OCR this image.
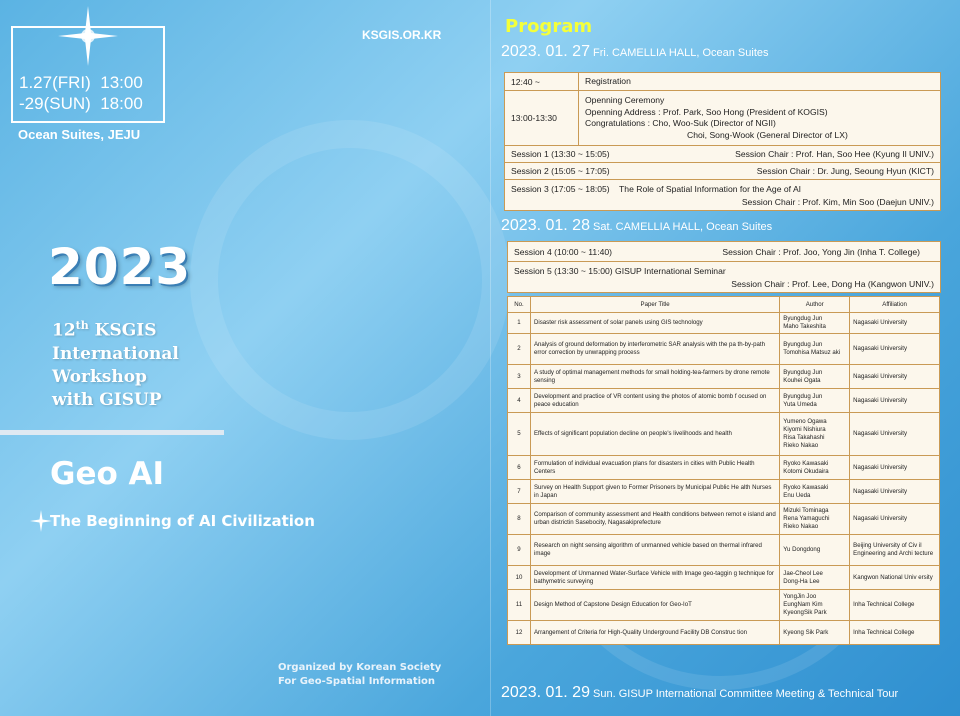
1.27(FRI)  13:00
-29(SUN)  18:00
Ocean Suites, JEJU
KSGIS.OR.KR
2023
12th KSGIS
International
Workshop
with GISUP
Geo AI
The Beginning of AI Civilization
Organized by Korean Society
For Geo-Spatial Information
Program
2023. 01. 27 Fri. CAMELLIA HALL, Ocean Suites
12:40 ~	Registration
13:00-13:30
Openning Ceremony
Openning Address : Prof. Park, Soo Hong (President of KOGIS)
Congratulations : Cho, Woo-Suk (Director of NGII)
Choi, Song-Wook (General Director of LX)
Session 1 (13:30 ~ 15:05)	Session Chair : Prof. Han, Soo Hee (Kyung Il UNIV.)
Session 2 (15:05 ~ 17:05)	Session Chair : Dr. Jung, Seoung Hyun (KICT)
Session 3 (17:05 ~ 18:05)    The Role of Spatial Information for the Age of AI
Session Chair : Prof. Kim, Min Soo (Daejun UNIV.)
2023. 01. 28 Sat. CAMELLIA HALL, Ocean Suites
Session 4 (10:00 ~ 11:40)	Session Chair : Prof. Joo, Yong Jin (Inha T. College)
Session 5 (13:30 ~ 15:00) GISUP International Seminar
Session Chair : Prof. Lee, Dong Ha (Kangwon UNIV.)
No.	Paper Title	Author	Affiliation
1	Disaster risk assessment of solar panels using GIS technology	Byungdug Jun
Maho Takeshita	Nagasaki University
2	Analysis of ground deformation by interferometric SAR analysis with the pa th-by-path error correction by unwrapping process	Byungdug Jun
Tomohisa Matsuz aki	Nagasaki University
3	A study of optimal management methods for small holding-tea-farmers by drone remote sensing	Byungdug Jun
Kouhei Ogata	Nagasaki University
4	Development and practice of VR content using the photos of atomic bomb f ocused on peace education	Byungdug Jun
Yuta Umeda	Nagasaki University
5	Effects of significant population decline on people's livelihoods and health	Yumeno Ogawa
Kiyomi Nishiura
Risa Takahashi
Rieko Nakao	Nagasaki University
6	Formulation of individual evacuation plans for disasters in cities with Public Health Centers	Ryoko Kawasaki
Kotomi Okudaira	Nagasaki University
7	Survey on Health Support given to Former Prisoners by Municipal Public He alth Nurses in Japan	Ryoko Kawasaki
Enu Ueda	Nagasaki University
8	Comparison of community assessment and Health conditions between remot e island and urban districtin Sasebocity, Nagasakiprefecture	Mizuki Tominaga
Rena Yamaguchi
Rieko Nakao	Nagasaki University
9	Research on night sensing algorithm of unmanned vehicle based on thermal infrared image	Yu Dongdong	Beijing University of Civ il Engineering and Archi tecture
10	Development of Unmanned Water-Surface Vehicle with Image geo-taggin g technique for bathymetric surveying	Jae-Cheol Lee
Dong-Ha Lee	Kangwon National Univ ersity
11	Design Method of Capstone Design Education for Geo-IoT	YongJin Joo
EungNam Kim
KyeongSik Park	Inha Technical College
12	Arrangement of Criteria for High-Quality Underground Facility DB Construc tion	Kyeong Sik Park	Inha Technical College
2023. 01. 29 Sun. GISUP International Committee Meeting & Technical Tour
